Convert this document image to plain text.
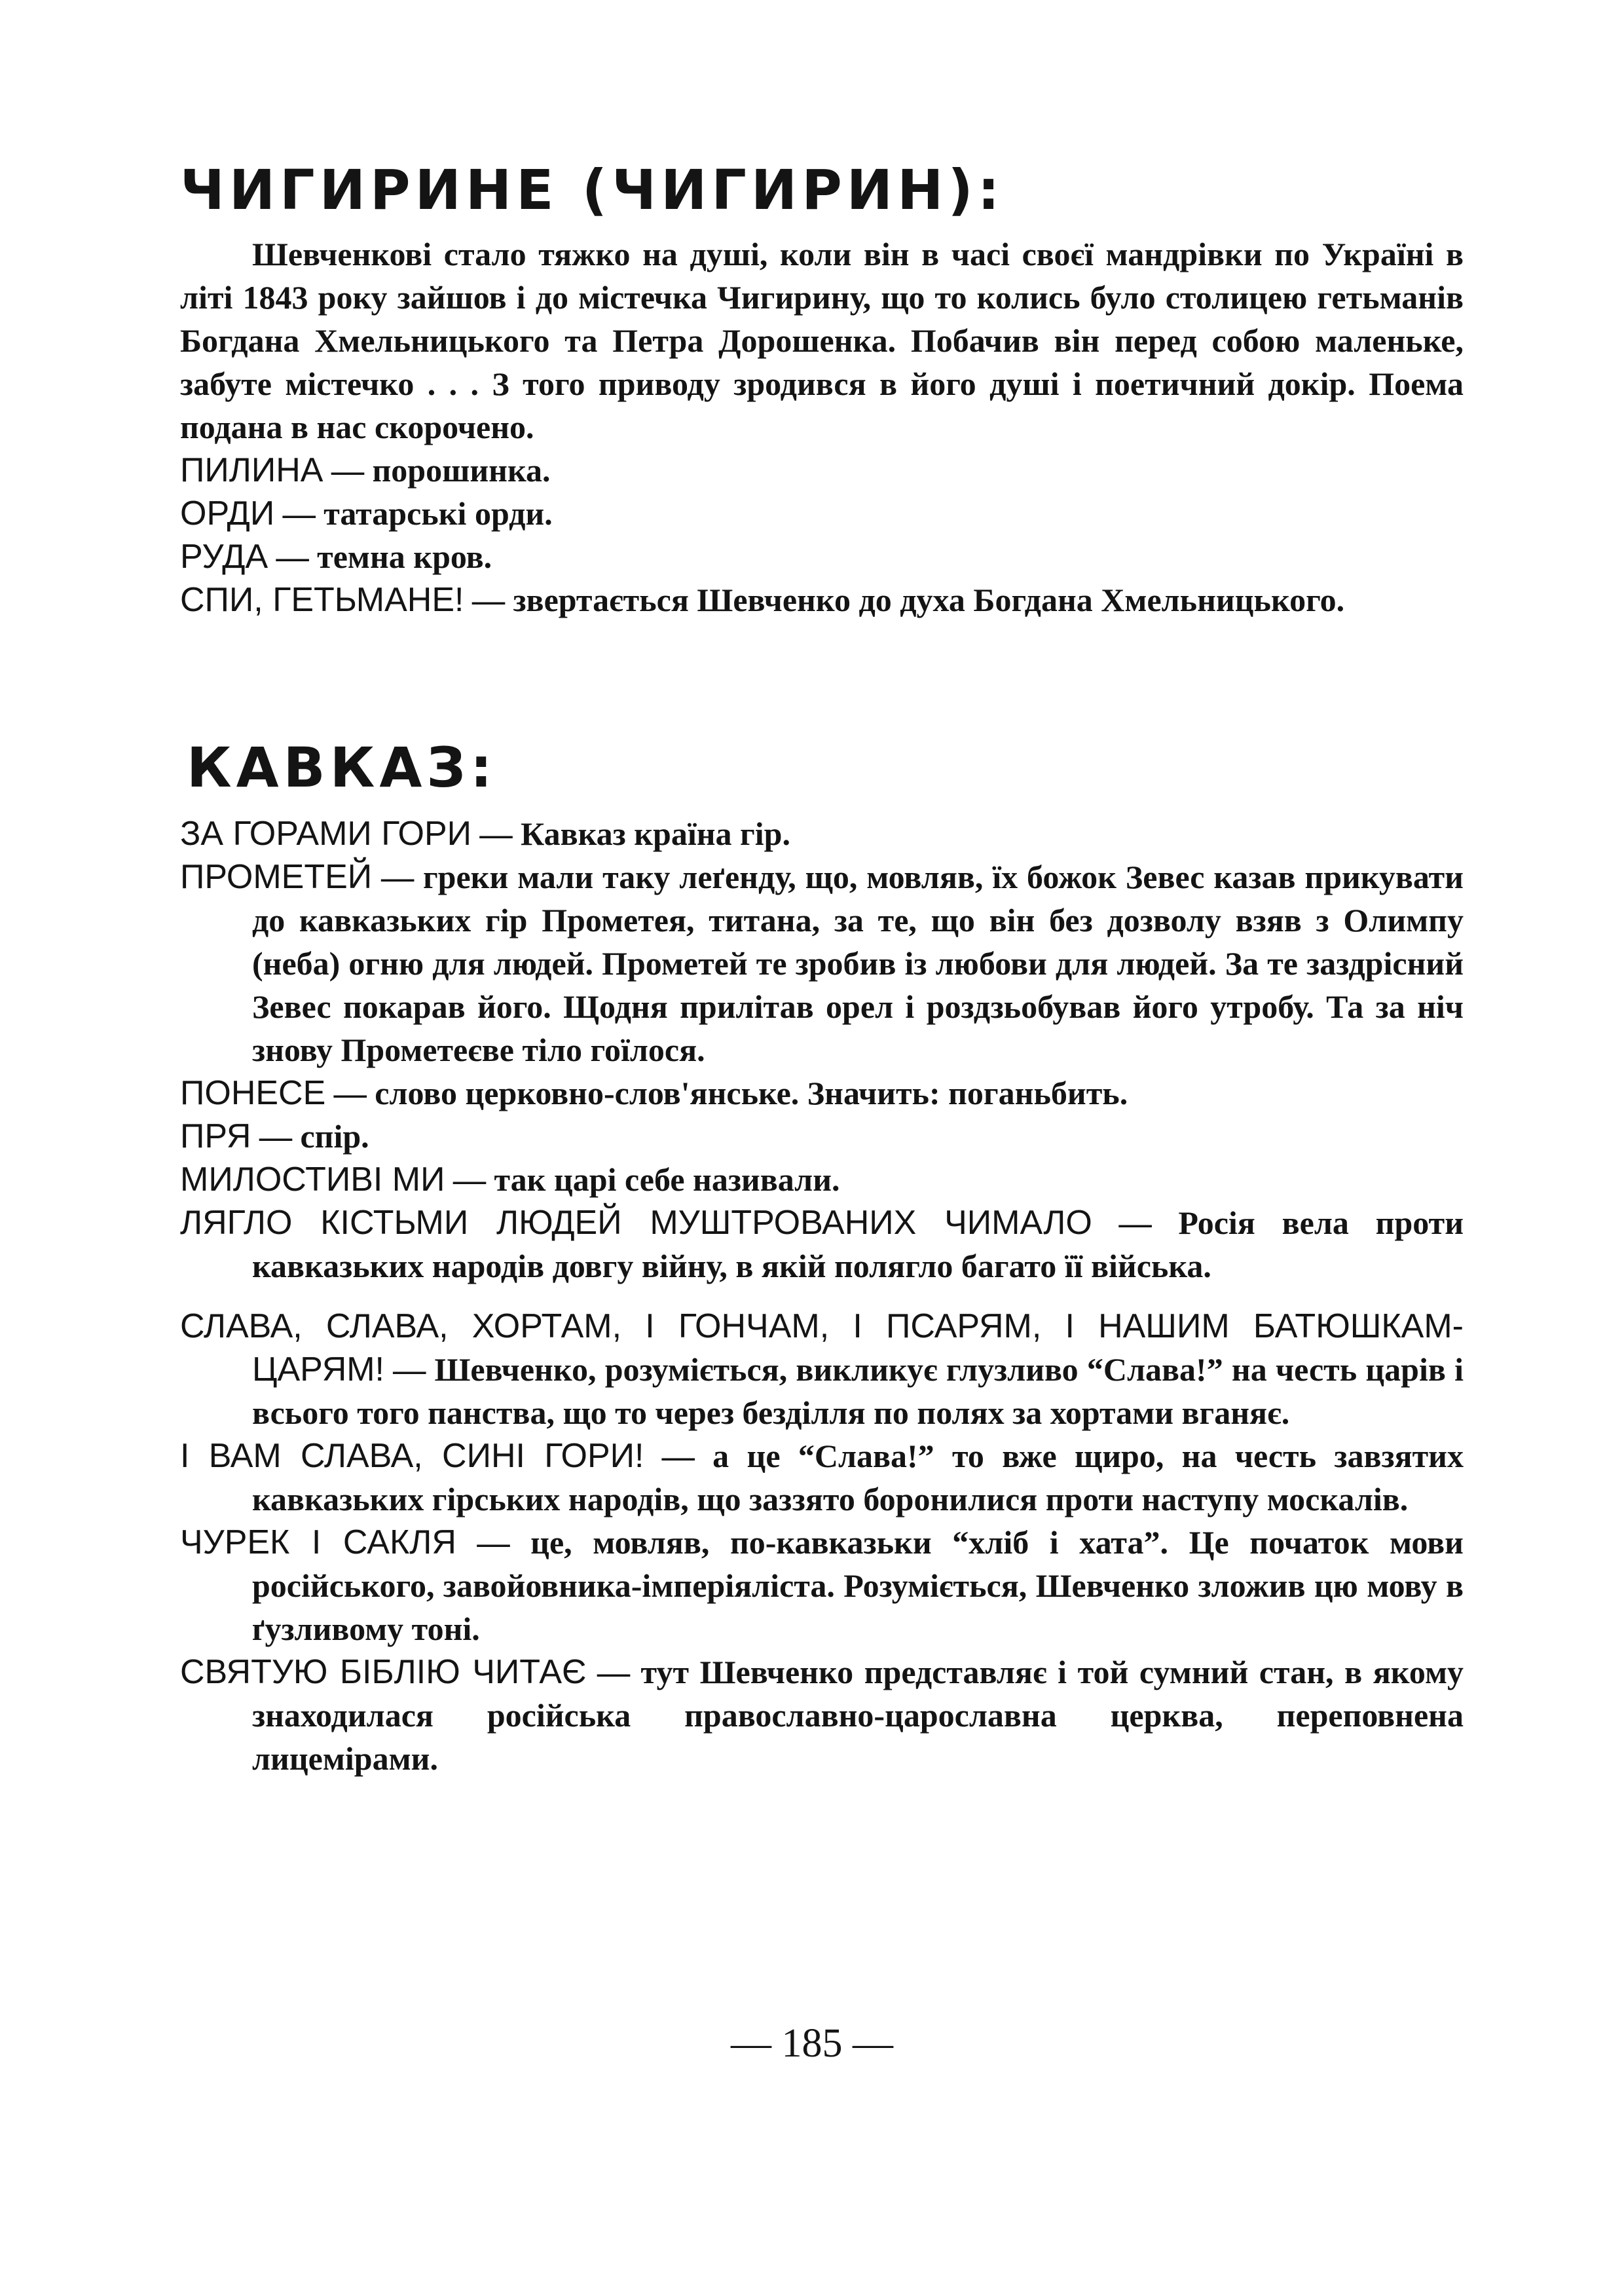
ЧИГИРИНЕ (ЧИГИРИН):

Шевченкові стало тяжко на душі, коли він в часі своєї мандрівки по Україні в літі 1843 року зайшов і до містечка Чигирину, що то колись було столицею гетьманів Богдана Хмельницького та Петра Дорошенка. Побачив він перед собою маленьке, забуте містечко . . . З того приводу зродився в його душі і поетичний докір. Поема подана в нас скорочено.

ПИЛИНА — порошинка.

ОРДИ — татарські орди.

РУДА — темна кров.

СПИ, ГЕТЬМАНЕ! — звертається Шевченко до духа Богдана Хмельницького.

КАВКАЗ:

ЗА ГОРАМИ ГОРИ — Кавказ країна гір.

ПРОМЕТЕЙ — греки мали таку леґенду, що, мовляв, їх божок Зевес казав прикувати до кавказьких гір Прометея, титана, за те, що він без дозволу взяв з Олимпу (неба) огню для людей. Прометей те зробив із любови для людей. За те заздрісний Зевес покарав його. Щодня прилітав орел і роздзьобував його утробу. Та за ніч знову Прометеєве тіло гоїлося.

ПОНЕСЕ — слово церковно-слов'янське. Значить: поганьбить.

ПРЯ — спір.

МИЛОСТИВІ МИ — так царі себе називали.

ЛЯГЛО КІСТЬМИ ЛЮДЕЙ МУШТРОВАНИХ ЧИМАЛО — Росія вела проти кавказьких народів довгу війну, в якій полягло багато її війська.

СЛАВА, СЛАВА, ХОРТАМ, І ГОНЧАМ, І ПСАРЯМ, І НАШИМ БАТЮШКАМ-ЦАРЯМ! — Шевченко, розуміється, викликує глузливо “Слава!” на честь царів і всього того панства, що то через безділля по полях за хортами вганяє.

І ВАМ СЛАВА, СИНІ ГОРИ! — а це “Слава!” то вже щиро, на честь завзятих кавказьких гірських народів, що заззято боронилися проти наступу москалів.

ЧУРЕК І САКЛЯ — це, мовляв, по-кавказьки “хліб і хата”. Це початок мови російського, завойовника-імперіяліста. Розуміється, Шевченко зложив цю мову в ґузливому тоні.

СВЯТУЮ БІБЛІЮ ЧИТАЄ — тут Шевченко представляє і той сумний стан, в якому знаходилася російська православно-царославна церква, переповнена лицемірами.

— 185 —
